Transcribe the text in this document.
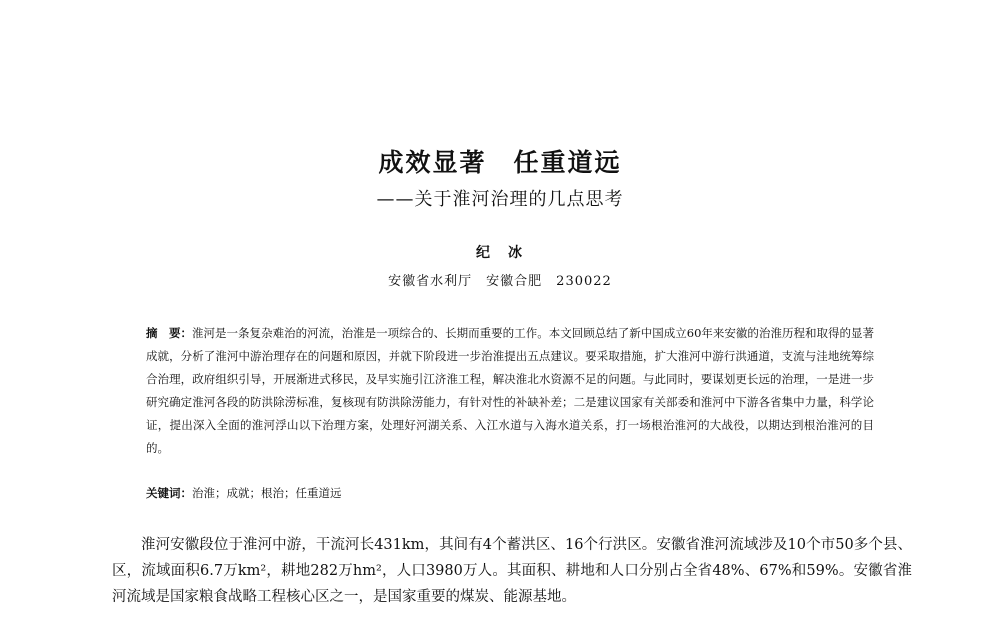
成效显著　任重道远
——关于淮河治理的几点思考
纪　冰
安徽省水利厅　安徽合肥　230022
摘　要：淮河是一条复杂难治的河流，治淮是一项综合的、长期而重要的工作。本文回顾总结了新中国成立60年来安徽的治淮历程和取得的显著成就，分析了淮河中游治理存在的问题和原因，并就下阶段进一步治淮提出五点建议。要采取措施，扩大淮河中游行洪通道，支流与洼地统筹综合治理，政府组织引导，开展渐进式移民，及早实施引江济淮工程，解决淮北水资源不足的问题。与此同时，要谋划更长远的治理，一是进一步研究确定淮河各段的防洪除涝标准，复核现有防洪除涝能力，有针对性的补缺补差；二是建议国家有关部委和淮河中下游各省集中力量，科学论证，提出深入全面的淮河浮山以下治理方案，处理好河湖关系、入江水道与入海水道关系，打一场根治淮河的大战役，以期达到根治淮河的目的。
关键词：治淮；成就；根治；任重道远
淮河安徽段位于淮河中游，干流河长431km，其间有4个蓄洪区、16个行洪区。安徽省淮河流域涉及10个市50多个县、区，流域面积6.7万km²，耕地282万hm²，人口3980万人。其面积、耕地和人口分别占全省48%、67%和59%。安徽省淮河流域是国家粮食战略工程核心区之一，是国家重要的煤炭、能源基地。
